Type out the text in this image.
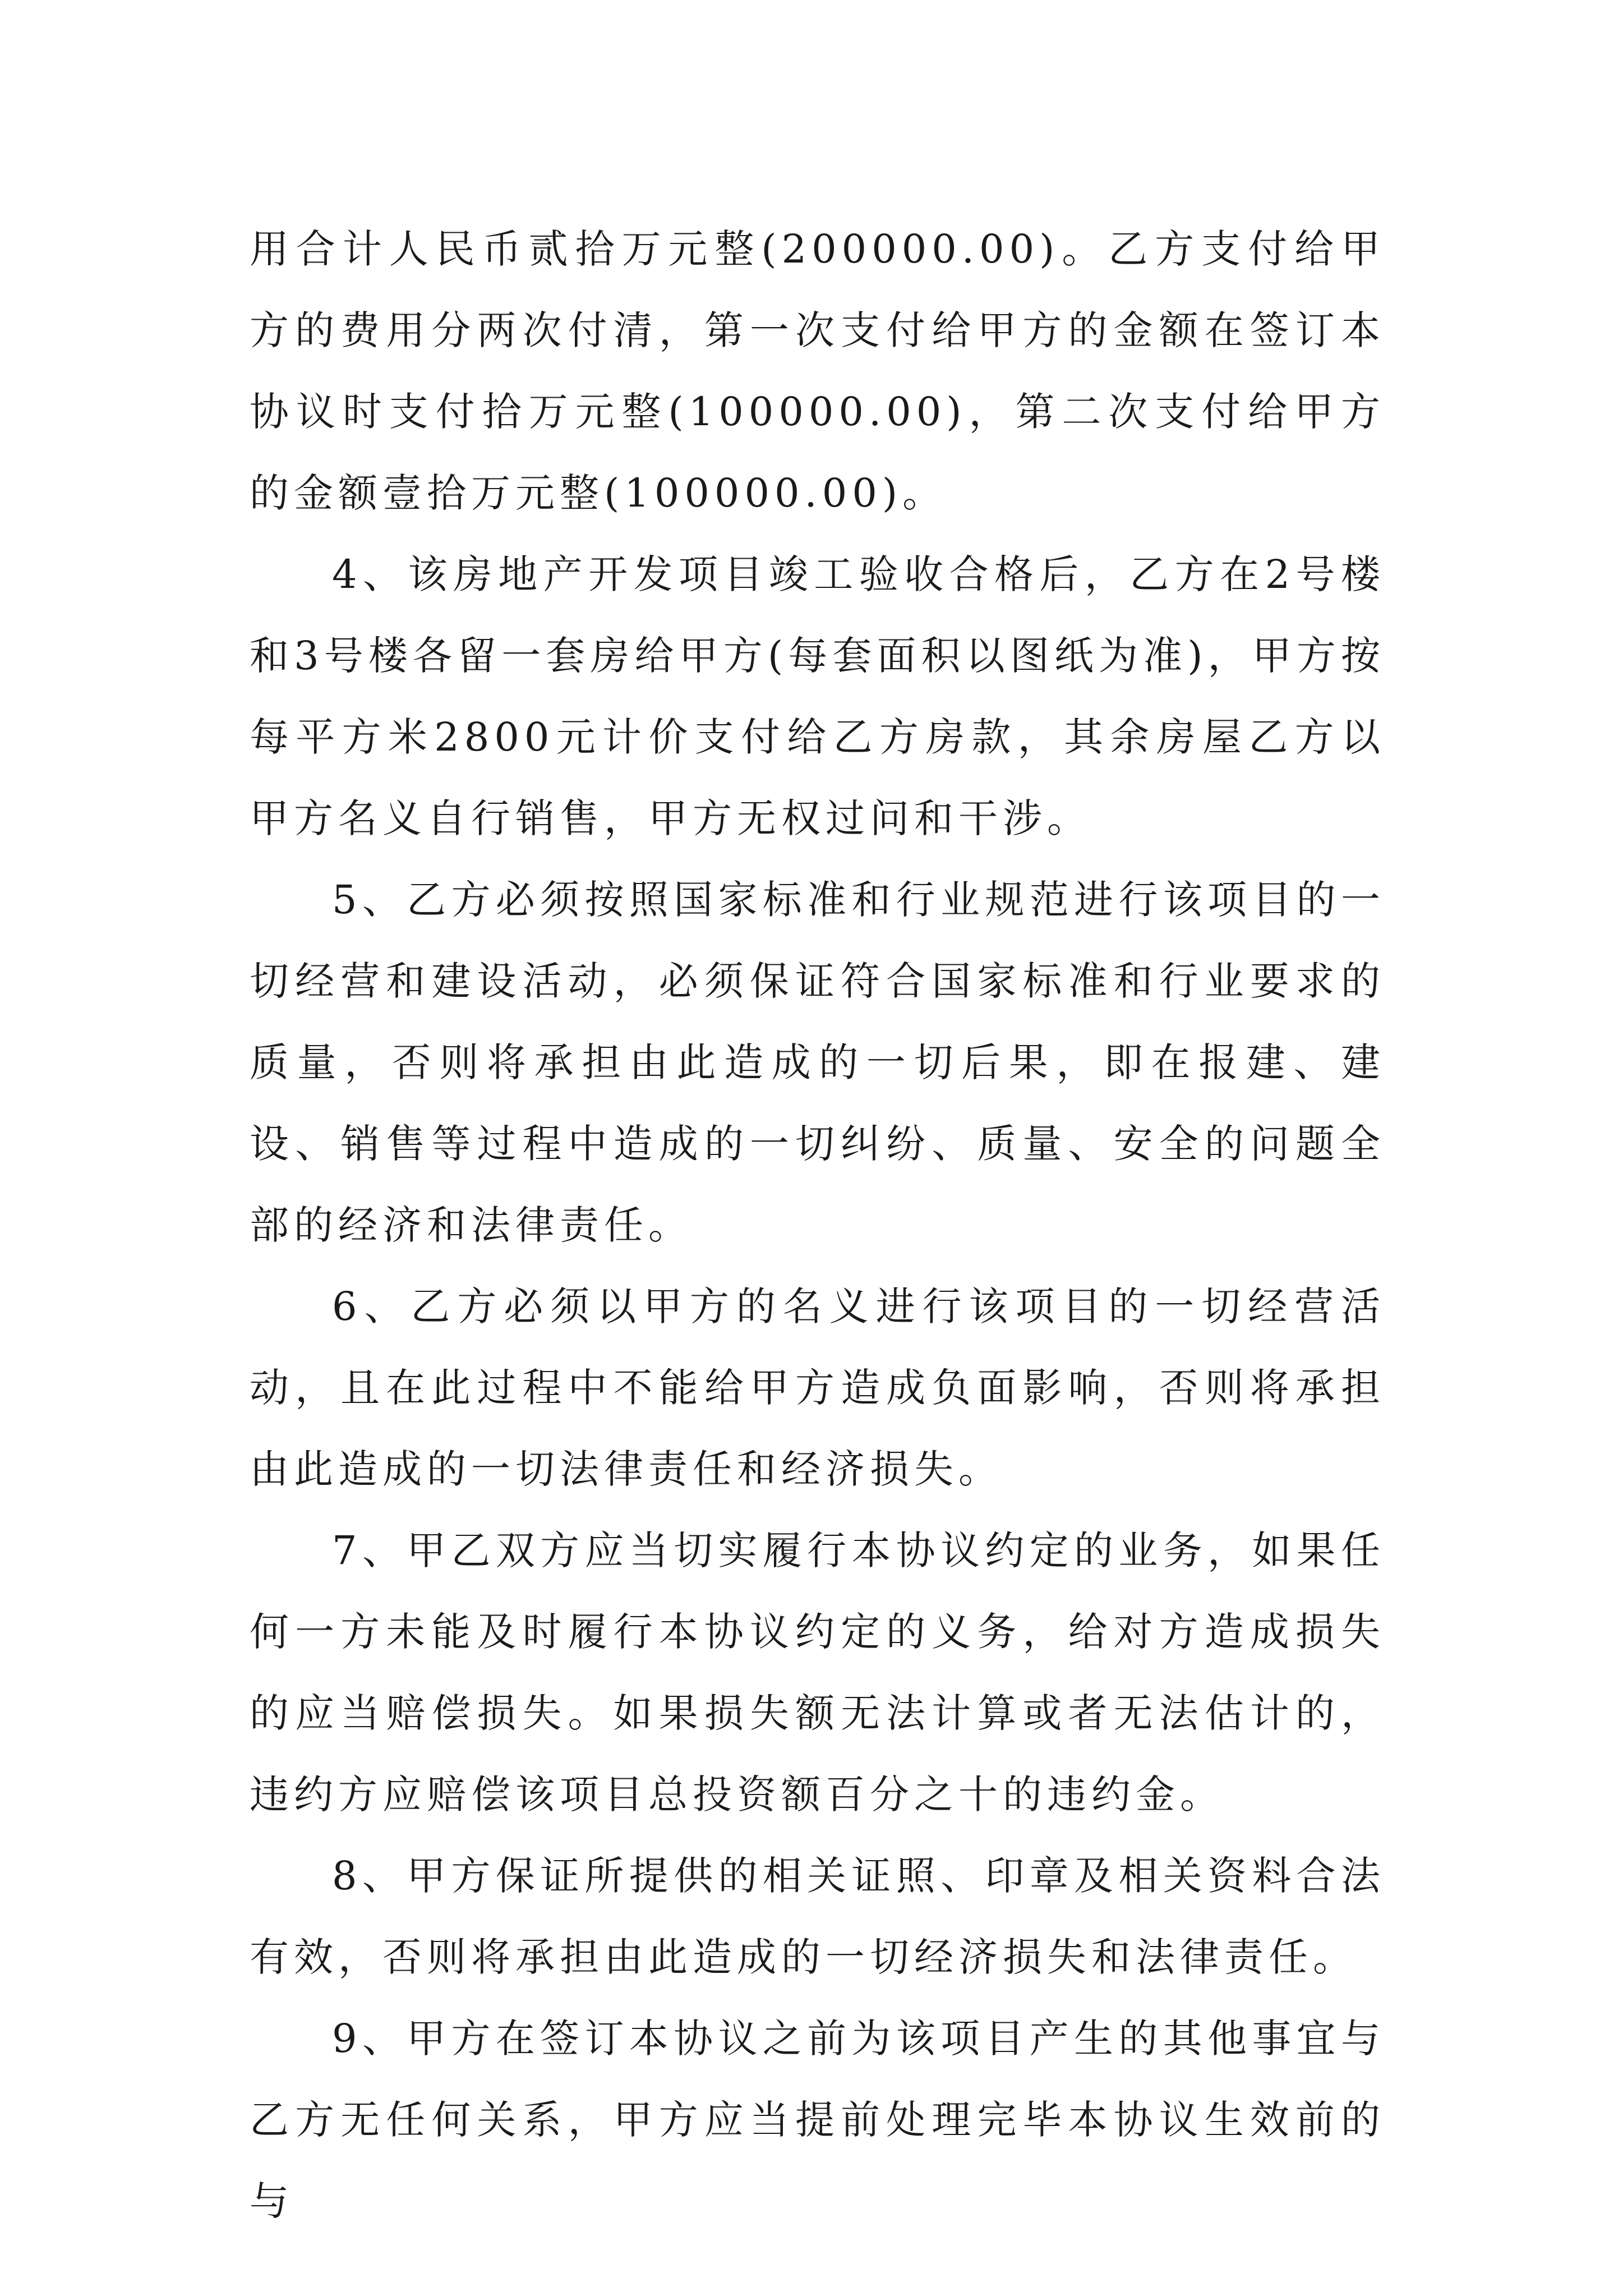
用合计人民币贰拾万元整(200000.00)。乙方支付给甲方的费用分两次付清，第一次支付给甲方的金额在签订本协议时支付拾万元整(100000.00)，第二次支付给甲方的金额壹拾万元整(100000.00)。

4、该房地产开发项目竣工验收合格后，乙方在2号楼和3号楼各留一套房给甲方(每套面积以图纸为准)，甲方按每平方米2800元计价支付给乙方房款，其余房屋乙方以甲方名义自行销售，甲方无权过问和干涉。

5、乙方必须按照国家标准和行业规范进行该项目的一切经营和建设活动，必须保证符合国家标准和行业要求的质量，否则将承担由此造成的一切后果，即在报建、建设、销售等过程中造成的一切纠纷、质量、安全的问题全部的经济和法律责任。

6、乙方必须以甲方的名义进行该项目的一切经营活动，且在此过程中不能给甲方造成负面影响，否则将承担由此造成的一切法律责任和经济损失。

7、甲乙双方应当切实履行本协议约定的业务，如果任何一方未能及时履行本协议约定的义务，给对方造成损失的应当赔偿损失。如果损失额无法计算或者无法估计的，违约方应赔偿该项目总投资额百分之十的违约金。

8、甲方保证所提供的相关证照、印章及相关资料合法有效，否则将承担由此造成的一切经济损失和法律责任。

9、甲方在签订本协议之前为该项目产生的其他事宜与乙方无任何关系，甲方应当提前处理完毕本协议生效前的与
